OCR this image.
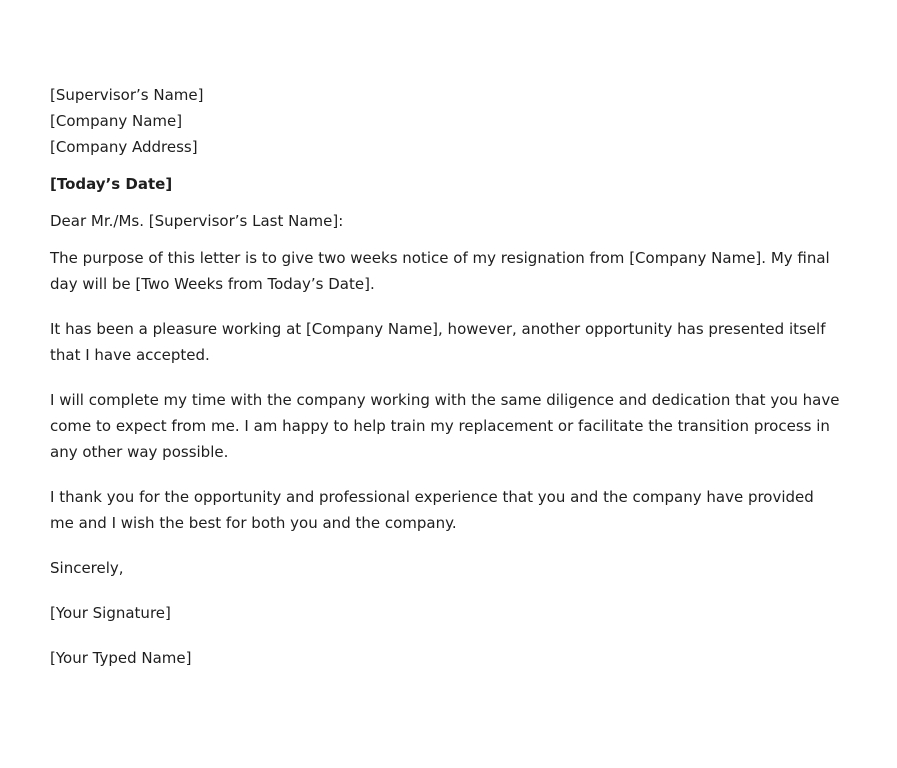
[Supervisor’s Name]
[Company Name]
[Company Address]
[Today’s Date]
Dear Mr./Ms. [Supervisor’s Last Name]:
The purpose of this letter is to give two weeks notice of my resignation from [Company Name]. My final
day will be [Two Weeks from Today’s Date].
It has been a pleasure working at [Company Name], however, another opportunity has presented itself
that I have accepted.
I will complete my time with the company working with the same diligence and dedication that you have
come to expect from me. I am happy to help train my replacement or facilitate the transition process in
any other way possible.
I thank you for the opportunity and professional experience that you and the company have provided
me and I wish the best for both you and the company.
Sincerely,
[Your Signature]
[Your Typed Name]
